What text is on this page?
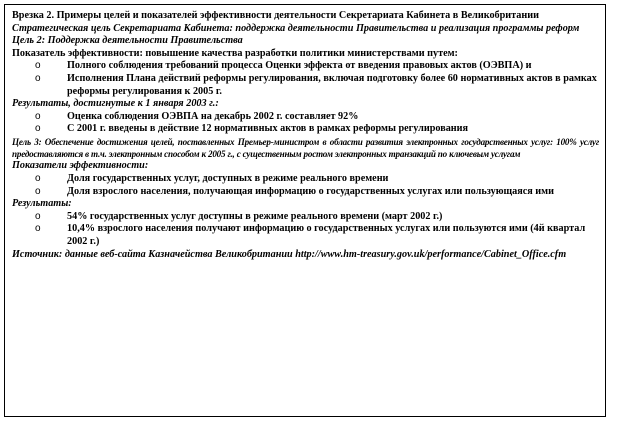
Врезка 2. Примеры целей и показателей эффективности деятельности Секретариата Кабинета в Великобритании

Стратегическая цель Секретариата Кабинета: поддержка деятельности Правительства и реализация программы реформ

Цель 2: Поддержка деятельности Правительства

Показатель эффективности: повышение качества разработки политики министерствами путем:

o	Полного соблюдения требований процесса Оценки эффекта от введения правовых актов (ОЭВПА) и
o	Исполнения Плана действий реформы регулирования, включая подготовку более 60 нормативных актов в рамках реформы регулирования к 2005 г.

Результаты, достигнутые к 1 января 2003 г.:

o	Оценка соблюдения ОЭВПА на декабрь 2002 г. составляет 92%
o	С 2001 г. введены в действие 12 нормативных актов в рамках реформы регулирования

Цель 3: Обеспечение достижения целей, поставленных Премьер-министром в области развития электронных государственных услуг: 100% услуг предоставляются в т.ч. электронным способом к 2005 г., с существенным ростом электронных транзакций по ключевым услугам

Показатели эффективности:

o	Доля государственных услуг, доступных в режиме реального времени
o	Доля взрослого населения, получающая информацию о государственных услугах или пользующаяся ими

Результаты:

o	54% государственных услуг доступны в режиме реального времени (март 2002 г.)
o	10,4% взрослого населения получают информацию о государственных услугах или пользуются ими (4й квартал 2002 г.)

Источник: данные веб-сайта Казначейства Великобритании http://www.hm-treasury.gov.uk/performance/Cabinet_Office.cfm
